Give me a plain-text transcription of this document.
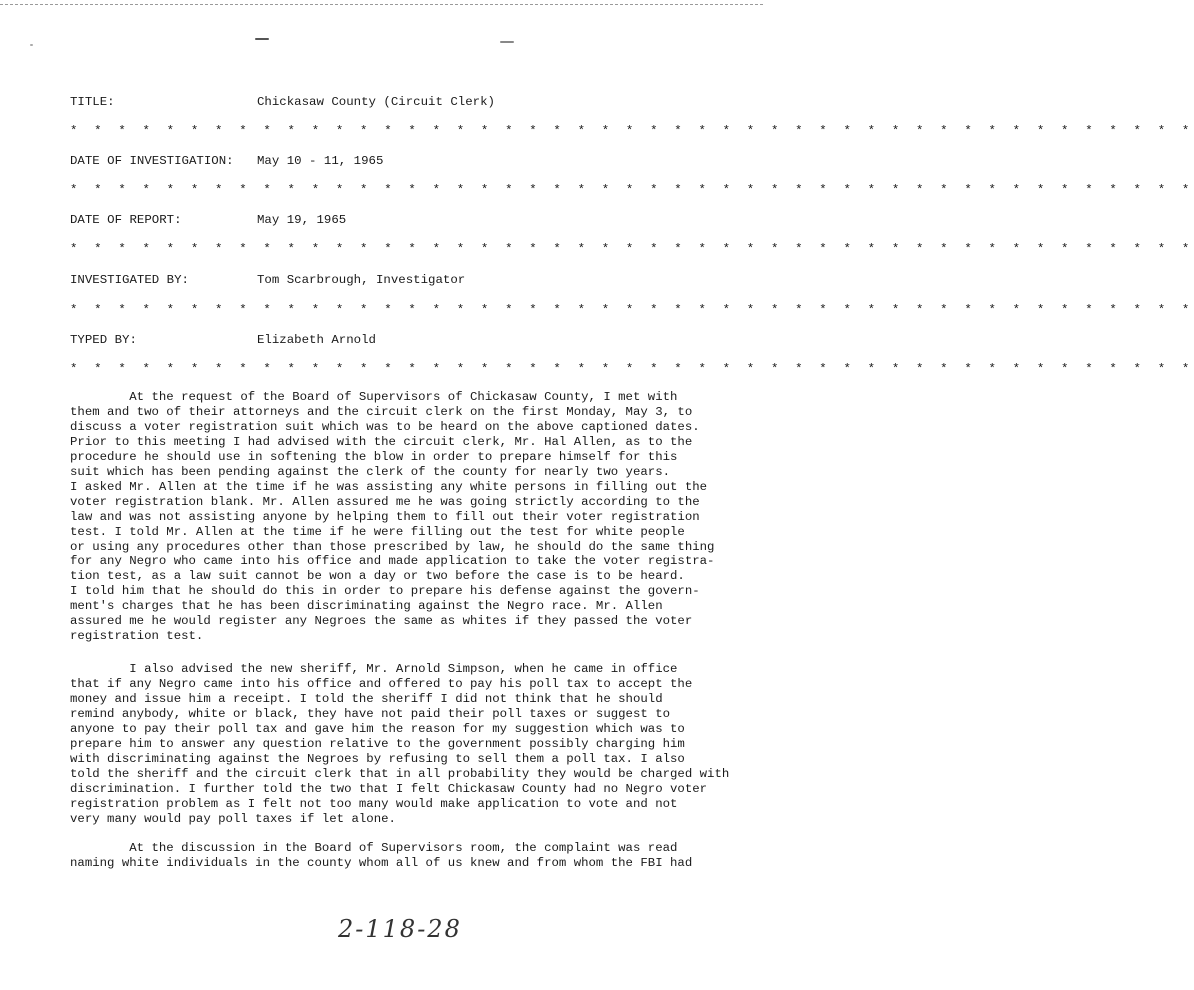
TITLE:	Chickasaw County (Circuit Clerk)
* * * * * * * * * * * * * * * * * * * * * * * * * * * * * * * * * * * * * * * * * * * * * * *
DATE OF INVESTIGATION: May 10 - 11, 1965
* * * * * * * * * * * * * * * * * * * * * * * * * * * * * * * * * * * * * * * * * * * * * * *
DATE OF REPORT:	May 19, 1965
* * * * * * * * * * * * * * * * * * * * * * * * * * * * * * * * * * * * * * * * * * * * * * *
INVESTIGATED BY:	Tom Scarbrough, Investigator
* * * * * * * * * * * * * * * * * * * * * * * * * * * * * * * * * * * * * * * * * * * * * * *
TYPED BY:	Elizabeth Arnold
* * * * * * * * * * * * * * * * * * * * * * * * * * * * * * * * * * * * * * * * * * * * * * *
At the request of the Board of Supervisors of Chickasaw County, I met with
them and two of their attorneys and the circuit clerk on the first Monday, May 3, to
discuss a voter registration suit which was to be heard on the above captioned dates.
Prior to this meeting I had advised with the circuit clerk, Mr. Hal Allen, as to the
procedure he should use in softening the blow in order to prepare himself for this
suit which has been pending against the clerk of the county for nearly two years.
I asked Mr. Allen at the time if he was assisting any white persons in filling out the
voter registration blank. Mr. Allen assured me he was going strictly according to the
law and was not assisting anyone by helping them to fill out their voter registration
test. I told Mr. Allen at the time if he were filling out the test for white people
or using any procedures other than those prescribed by law, he should do the same thing
for any Negro who came into his office and made application to take the voter registra-
tion test, as a law suit cannot be won a day or two before the case is to be heard.
I told him that he should do this in order to prepare his defense against the govern-
ment's charges that he has been discriminating against the Negro race. Mr. Allen
assured me he would register any Negroes the same as whites if they passed the voter
registration test.
I also advised the new sheriff, Mr. Arnold Simpson, when he came in office
that if any Negro came into his office and offered to pay his poll tax to accept the
money and issue him a receipt. I told the sheriff I did not think that he should
remind anybody, white or black, they have not paid their poll taxes or suggest to
anyone to pay their poll tax and gave him the reason for my suggestion which was to
prepare him to answer any question relative to the government possibly charging him
with discriminating against the Negroes by refusing to sell them a poll tax. I also
told the sheriff and the circuit clerk that in all probability they would be charged with
discrimination. I further told the two that I felt Chickasaw County had no Negro voter
registration problem as I felt not too many would make application to vote and not
very many would pay poll taxes if let alone.
At the discussion in the Board of Supervisors room, the complaint was read
naming white individuals in the county whom all of us knew and from whom the FBI had
2-118-28
